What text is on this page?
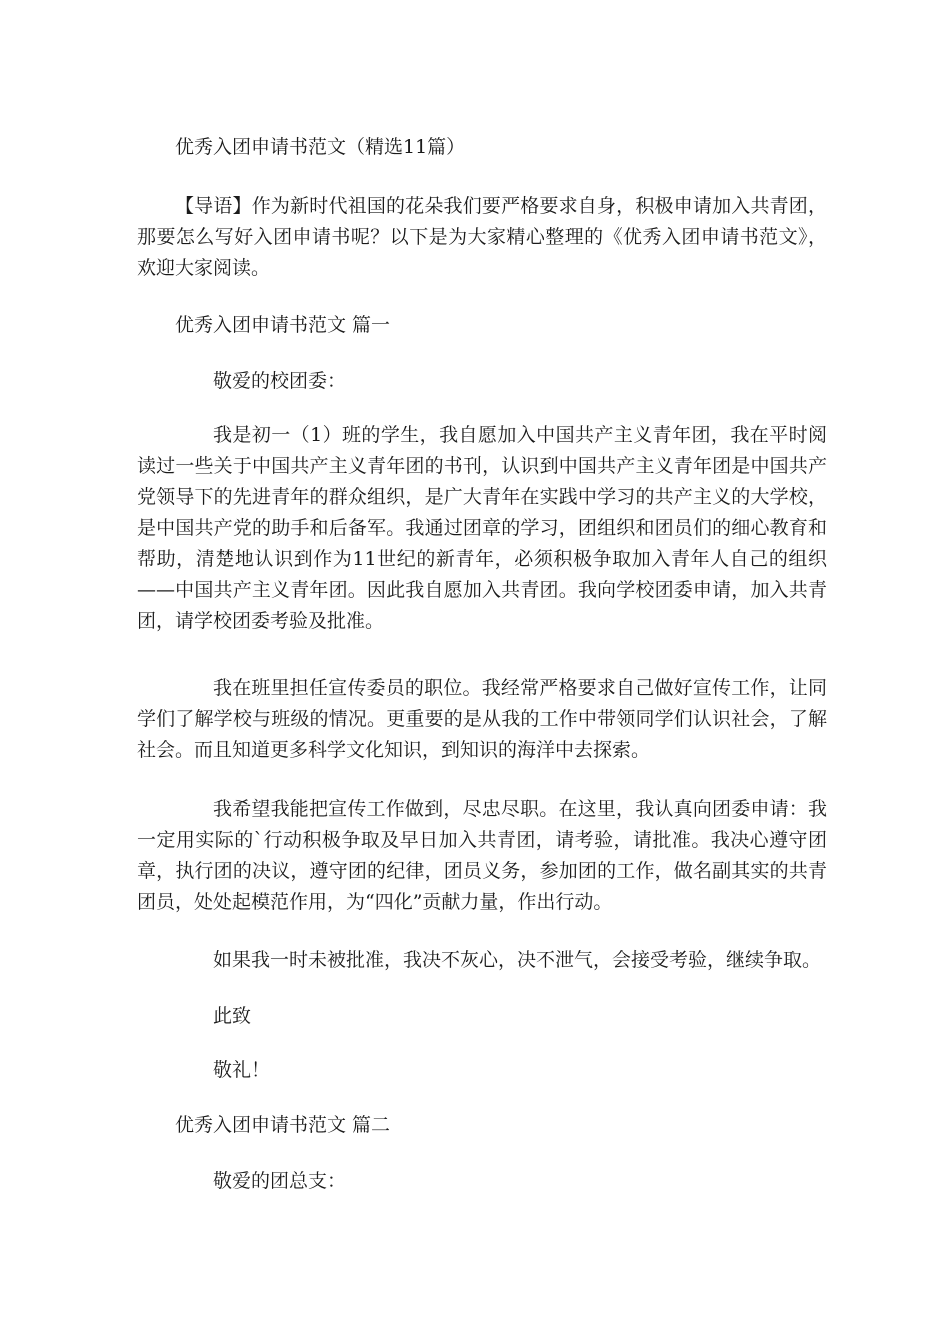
优秀入团申请书范文（精选11篇）

【导语】作为新时代祖国的花朵我们要严格要求自身，积极申请加入共青团，那要怎么写好入团申请书呢？以下是为大家精心整理的《优秀入团申请书范文》，欢迎大家阅读。

优秀入团申请书范文 篇一

敬爱的校团委：

我是初一（1）班的学生，我自愿加入中国共产主义青年团，我在平时阅读过一些关于中国共产主义青年团的书刊，认识到中国共产主义青年团是中国共产党领导下的先进青年的群众组织，是广大青年在实践中学习的共产主义的大学校，是中国共产党的助手和后备军。我通过团章的学习，团组织和团员们的细心教育和帮助，清楚地认识到作为11世纪的新青年，必须积极争取加入青年人自己的组织——中国共产主义青年团。因此我自愿加入共青团。我向学校团委申请，加入共青团，请学校团委考验及批准。

我在班里担任宣传委员的职位。我经常严格要求自己做好宣传工作，让同学们了解学校与班级的情况。更重要的是从我的工作中带领同学们认识社会，了解社会。而且知道更多科学文化知识，到知识的海洋中去探索。

我希望我能把宣传工作做到，尽忠尽职。在这里，我认真向团委申请：我一定用实际的`行动积极争取及早日加入共青团，请考验，请批准。我决心遵守团章，执行团的决议，遵守团的纪律，团员义务，参加团的工作，做名副其实的共青团员，处处起模范作用，为“四化”贡献力量，作出行动。

如果我一时未被批准，我决不灰心，决不泄气，会接受考验，继续争取。

此致

敬礼！

优秀入团申请书范文 篇二

敬爱的团总支：
